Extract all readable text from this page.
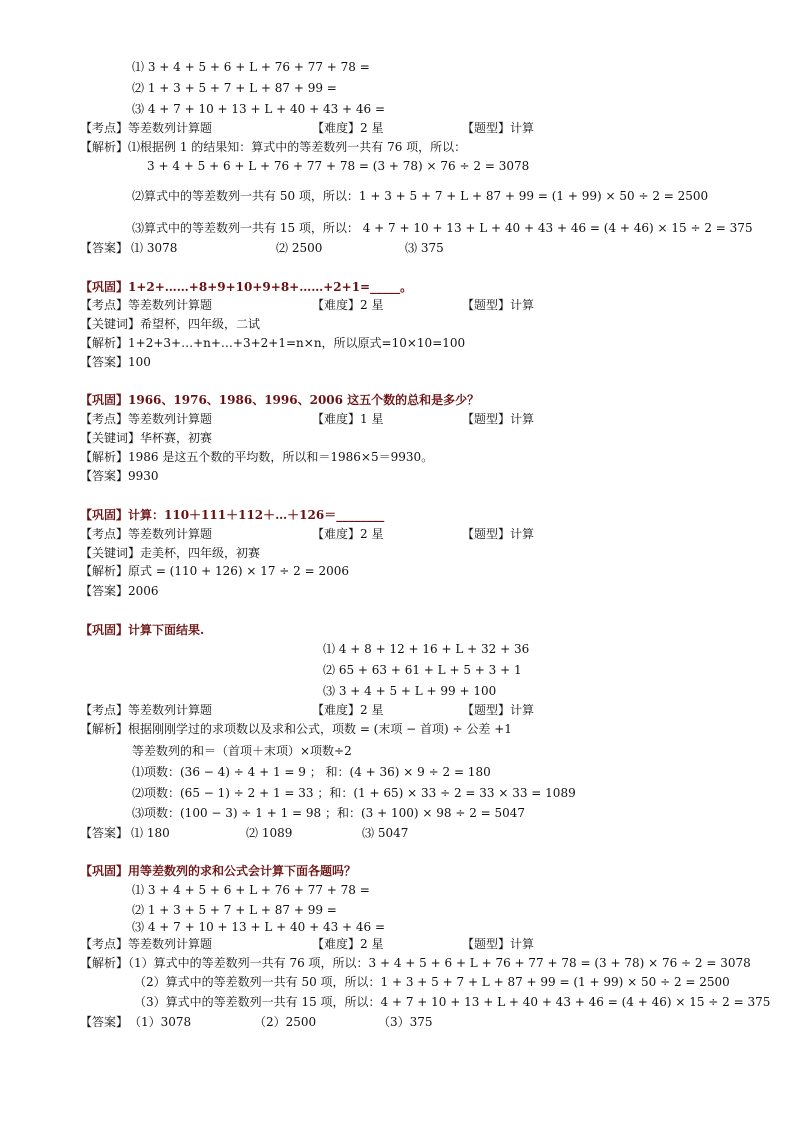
⑴ 3 + 4 + 5 + 6 + L + 76 + 77 + 78 =
⑵ 1 + 3 + 5 + 7 + L + 87 + 99 =
⑶ 4 + 7 + 10 + 13 + L + 40 + 43 + 46 =
【考点】等差数列计算题	【难度】2 星	【题型】计算
【解析】⑴根据例 1 的结果知：算式中的等差数列一共有 76 项，所以：
3 + 4 + 5 + 6 + L + 76 + 77 + 78 = (3 + 78) × 76 ÷ 2 = 3078
⑵算式中的等差数列一共有 50 项，所以：1 + 3 + 5 + 7 + L + 87 + 99 = (1 + 99) × 50 ÷ 2 = 2500
⑶算式中的等差数列一共有 15 项，所以： 4 + 7 + 10 + 13 + L + 40 + 43 + 46 = (4 + 46) × 15 ÷ 2 = 375
【答案】 ⑴ 3078	⑵ 2500	⑶ 375
【巩固】1+2+……+8+9+10+9+8+……+2+1=_____。
【考点】等差数列计算题	【难度】2 星	【题型】计算
【关键词】希望杯，四年级，二试
【解析】1+2+3+…+n+…+3+2+1=n×n，所以原式=10×10=100
【答案】100
【巩固】1966、1976、1986、1996、2006 这五个数的总和是多少？
【考点】等差数列计算题	【难度】1 星	【题型】计算
【关键词】华杯赛，初赛
【解析】1986 是这五个数的平均数，所以和＝1986×5＝9930。
【答案】9930
【巩固】计算：110＋111＋112＋…＋126＝________
【考点】等差数列计算题	【难度】2 星	【题型】计算
【关键词】走美杯，四年级，初赛
【解析】原式 = (110 + 126) × 17 ÷ 2 = 2006
【答案】2006
【巩固】计算下面结果.
⑴ 4 + 8 + 12 + 16 + L + 32 + 36
⑵ 65 + 63 + 61 + L + 5 + 3 + 1
⑶ 3 + 4 + 5 + L + 99 + 100
【考点】等差数列计算题	【难度】2 星	【题型】计算
【解析】根据刚刚学过的求项数以及求和公式，项数 = (末项 − 首项) ÷ 公差 +1
等差数列的和＝（首项＋末项）×项数÷2
⑴项数：(36 − 4) ÷ 4 + 1 = 9 ； 和：(4 + 36) × 9 ÷ 2 = 180
⑵项数：(65 − 1) ÷ 2 + 1 = 33 ；和：(1 + 65) × 33 ÷ 2 = 33 × 33 = 1089
⑶项数：(100 − 3) ÷ 1 + 1 = 98 ；和：(3 + 100) × 98 ÷ 2 = 5047
【答案】 ⑴ 180	⑵ 1089	⑶ 5047
【巩固】用等差数列的求和公式会计算下面各题吗？
⑴ 3 + 4 + 5 + 6 + L + 76 + 77 + 78 =
⑵ 1 + 3 + 5 + 7 + L + 87 + 99 =
⑶ 4 + 7 + 10 + 13 + L + 40 + 43 + 46 =
【考点】等差数列计算题	【难度】2 星	【题型】计算
【解析】（1）算式中的等差数列一共有 76 项，所以：3 + 4 + 5 + 6 + L + 76 + 77 + 78 = (3 + 78) × 76 ÷ 2 = 3078
（2）算式中的等差数列一共有 50 项，所以：1 + 3 + 5 + 7 + L + 87 + 99 = (1 + 99) × 50 ÷ 2 = 2500
（3）算式中的等差数列一共有 15 项，所以：4 + 7 + 10 + 13 + L + 40 + 43 + 46 = (4 + 46) × 15 ÷ 2 = 375
【答案】 （1）3078	（2）2500	（3）375
